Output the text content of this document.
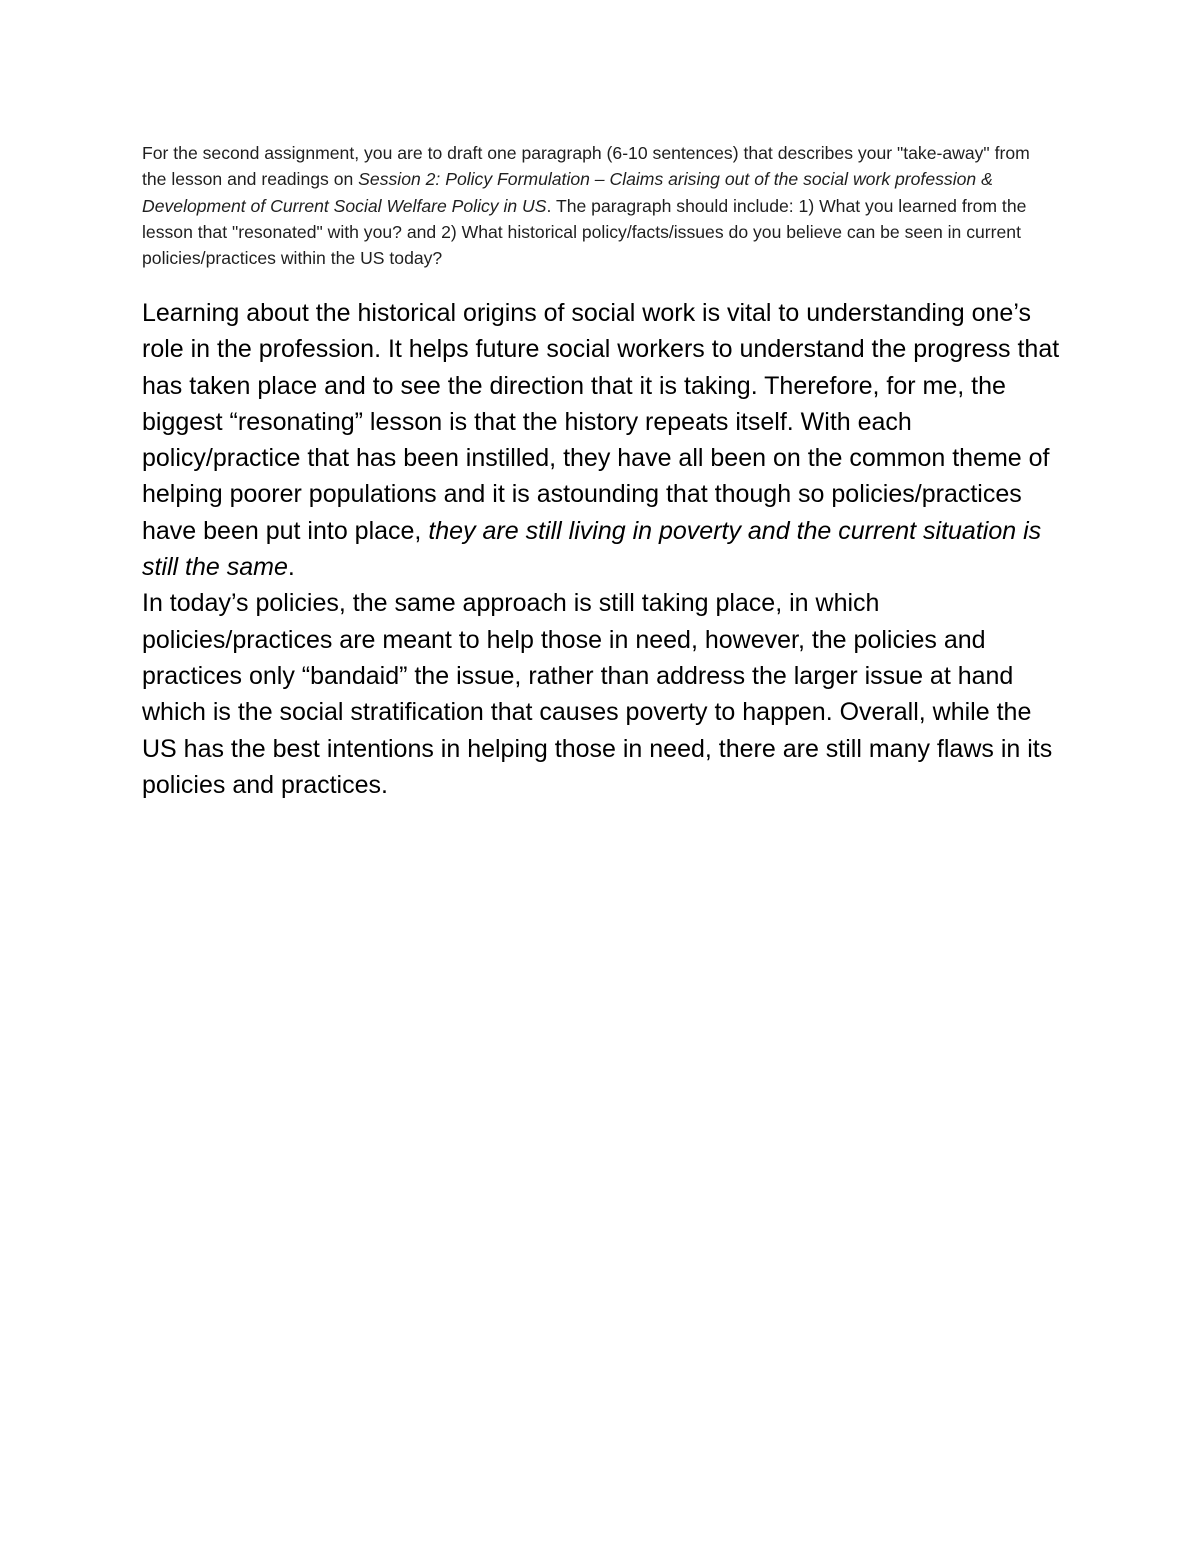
For the second assignment, you are to draft one paragraph (6-10 sentences) that describes your "take-away" from the lesson and readings on Session 2: Policy Formulation – Claims arising out of the social work profession & Development of Current Social Welfare Policy in US. The paragraph should include: 1) What you learned from the lesson that "resonated" with you? and 2) What historical policy/facts/issues do you believe can be seen in current policies/practices within the US today?

Learning about the historical origins of social work is vital to understanding one’s role in the profession. It helps future social workers to understand the progress that has taken place and to see the direction that it is taking. Therefore, for me, the biggest “resonating” lesson is that the history repeats itself. With each policy/practice that has been instilled, they have all been on the common theme of helping poorer populations and it is astounding that though so policies/practices have been put into place, they are still living in poverty and the current situation is still the same.

In today’s policies, the same approach is still taking place, in which policies/practices are meant to help those in need, however, the policies and practices only “bandaid” the issue, rather than address the larger issue at hand which is the social stratification that causes poverty to happen. Overall, while the US has the best intentions in helping those in need, there are still many flaws in its policies and practices.
